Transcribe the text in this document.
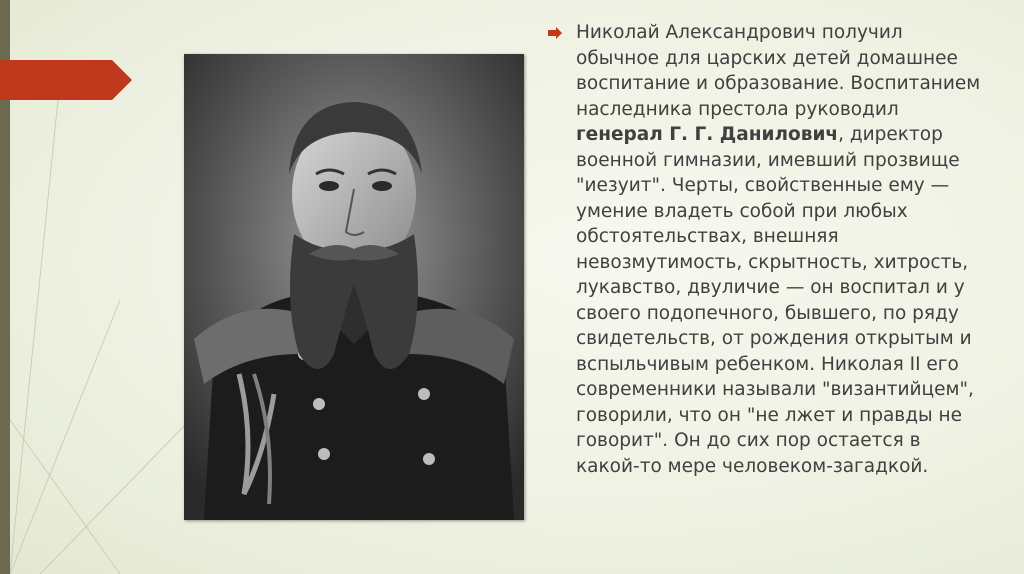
Николай Александрович получил обычное для царских детей домашнее воспитание и образование. Воспитанием наследника престола руководил генерал Г. Г. Данилович, директор военной гимназии, имевший прозвище "иезуит". Черты, свойственные ему — умение владеть собой при любых обстоятельствах, внешняя невозмутимость, скрытность, хитрость, лукавство, двуличие — он воспитал и у своего подопечного, бывшего, по ряду свидетельств, от рождения открытым и вспыльчивым ребенком. Николая II его современники называли "византийцем", говорили, что он "не лжет и правды не говорит". Он до сих пор остается в какой-то мере человеком-загадкой.
